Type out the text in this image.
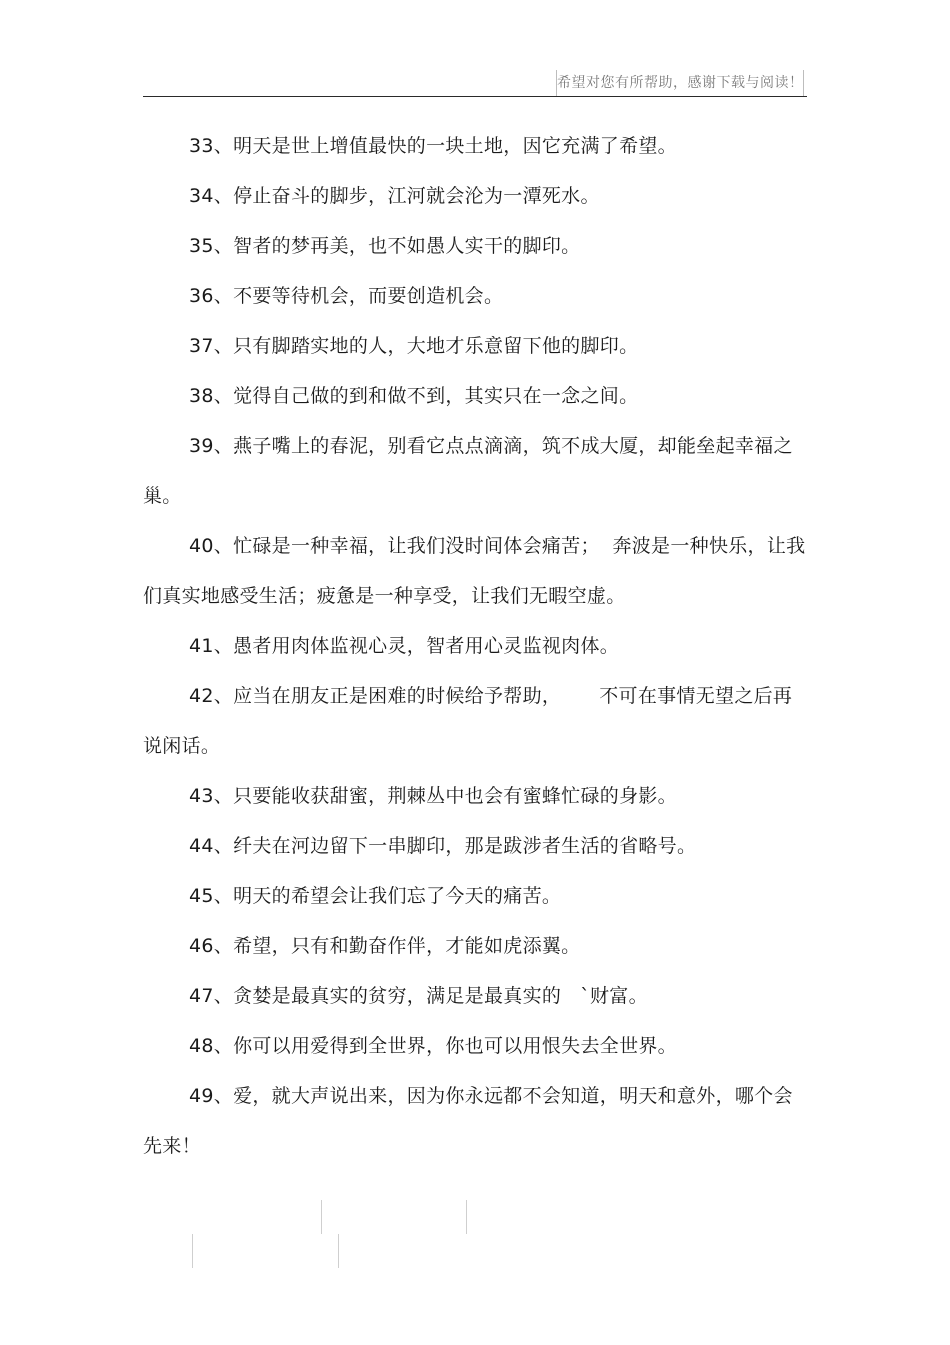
希望对您有所帮助，感谢下载与阅读！

33、明天是世上增值最快的一块土地，因它充满了希望。

34、停止奋斗的脚步，江河就会沦为一潭死水。

35、智者的梦再美，也不如愚人实干的脚印。

36、不要等待机会，而要创造机会。

37、只有脚踏实地的人，大地才乐意留下他的脚印。

38、觉得自己做的到和做不到，其实只在一念之间。

39、燕子嘴上的春泥，别看它点点滴滴，筑不成大厦，却能垒起幸福之巢。

40、忙碌是一种幸福，让我们没时间体会痛苦；  奔波是一种快乐，让我们真实地感受生活；疲惫是一种享受，让我们无暇空虚。

41、愚者用肉体监视心灵，智者用心灵监视肉体。

42、应当在朋友正是困难的时候给予帮助，      不可在事情无望之后再说闲话。

43、只要能收获甜蜜，荆棘丛中也会有蜜蜂忙碌的身影。

44、纤夫在河边留下一串脚印，那是跋涉者生活的省略号。

45、明天的希望会让我们忘了今天的痛苦。

46、希望，只有和勤奋作伴，才能如虎添翼。

47、贪婪是最真实的贫穷，满足是最真实的   `财富。

48、你可以用爱得到全世界，你也可以用恨失去全世界。

49、爱，就大声说出来，因为你永远都不会知道，明天和意外，哪个会先来！
